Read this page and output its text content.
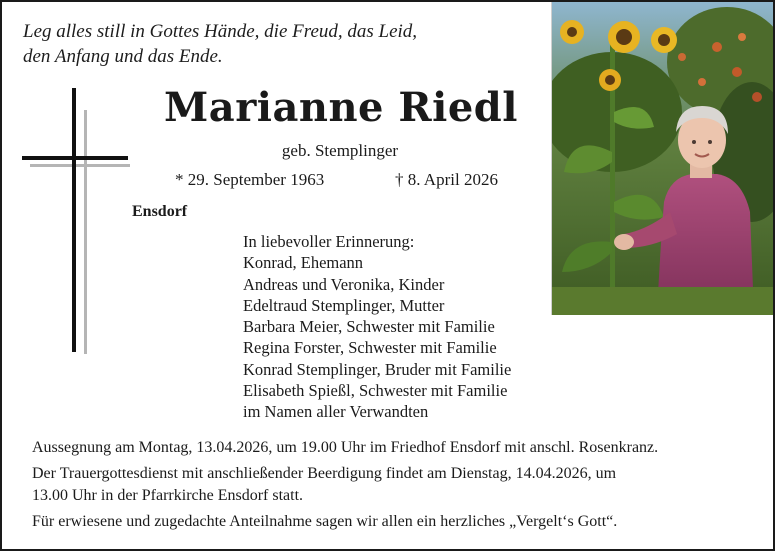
Leg alles still in Gottes Hände, die Freud, das Leid,
den Anfang und das Ende.
Marianne Riedl
geb. Stemplinger
* 29. September 1963	† 8. April 2026
Ensdorf
In liebevoller Erinnerung:
Konrad, Ehemann
Andreas und Veronika, Kinder
Edeltraud Stemplinger, Mutter
Barbara Meier, Schwester mit Familie
Regina Forster, Schwester mit Familie
Konrad Stemplinger, Bruder mit Familie
Elisabeth Spießl, Schwester mit Familie
im Namen aller Verwandten
Aussegnung am Montag, 13.04.2026, um 19.00 Uhr im Friedhof Ensdorf mit anschl. Rosenkranz.
Der Trauergottesdienst mit anschließender Beerdigung findet am Dienstag, 14.04.2026, um
13.00 Uhr in der Pfarrkirche Ensdorf statt.
Für erwiesene und zugedachte Anteilnahme sagen wir allen ein herzliches „Vergelt‘s Gott“.
